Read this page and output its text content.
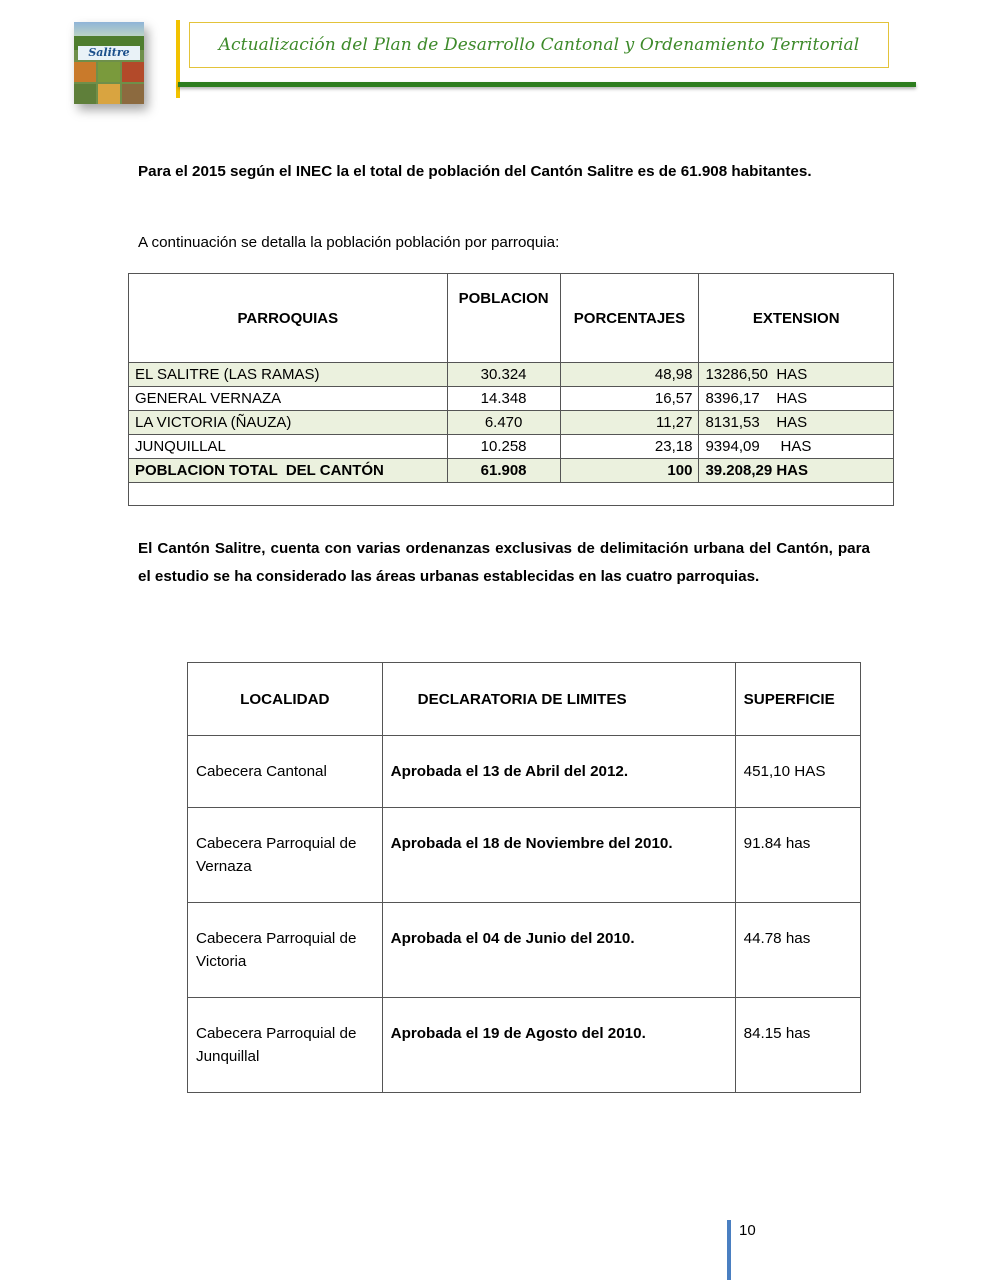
Salitre	Actualización del Plan de Desarrollo Cantonal y Ordenamiento Territorial
Para el 2015 según el INEC la el total de población del Cantón Salitre es de 61.908 habitantes.
A continuación se detalla la población población por parroquia:
PARROQUIAS	POBLACION	PORCENTAJES	EXTENSION
EL SALITRE (LAS RAMAS)	30.324	48,98	13286,50  HAS
GENERAL VERNAZA	14.348	16,57	8396,17    HAS
LA VICTORIA (ÑAUZA)	6.470	11,27	8131,53    HAS
JUNQUILLAL	10.258	23,18	9394,09     HAS
POBLACION TOTAL  DEL CANTÓN	61.908	100	39.208,29 HAS

El Cantón Salitre, cuenta con varias ordenanzas exclusivas de delimitación urbana del Cantón, para el estudio se ha considerado las áreas urbanas establecidas en las cuatro parroquias.
LOCALIDAD	DECLARATORIA DE LIMITES	SUPERFICIE
Cabecera Cantonal	Aprobada el 13 de Abril del 2012.	451,10 HAS
Cabecera Parroquial de Vernaza	Aprobada el 18 de Noviembre del 2010.	91.84 has
Cabecera Parroquial de Victoria	Aprobada el 04 de Junio del 2010.	44.78 has
Cabecera Parroquial de Junquillal	Aprobada el 19 de Agosto del 2010.	84.15 has
10
